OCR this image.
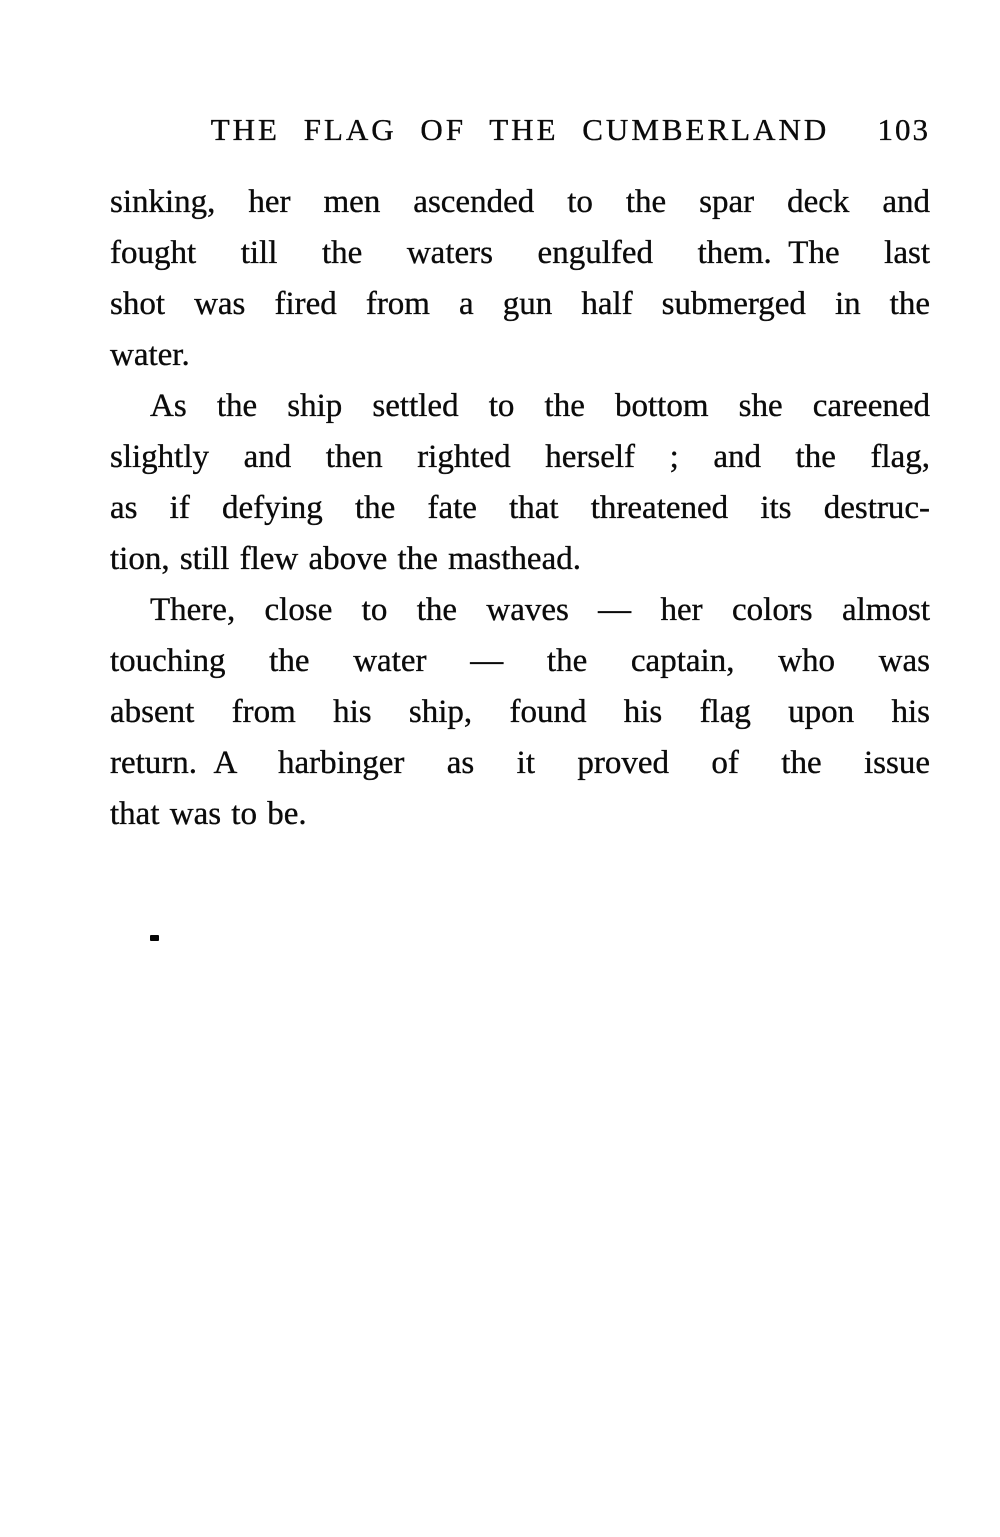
THE FLAG OF THE CUMBERLAND	103

sinking, her men ascended to the spar deck and
fought till the waters engulfed them. The last
shot was fired from a gun half submerged in the
water.

As the ship settled to the bottom she careened
slightly and then righted herself ; and the flag,
as if defying the fate that threatened its destruc-
tion, still flew above the masthead.

There, close to the waves — her colors almost
touching the water — the captain, who was
absent from his ship, found his flag upon his
return. A harbinger as it proved of the issue
that was to be.
